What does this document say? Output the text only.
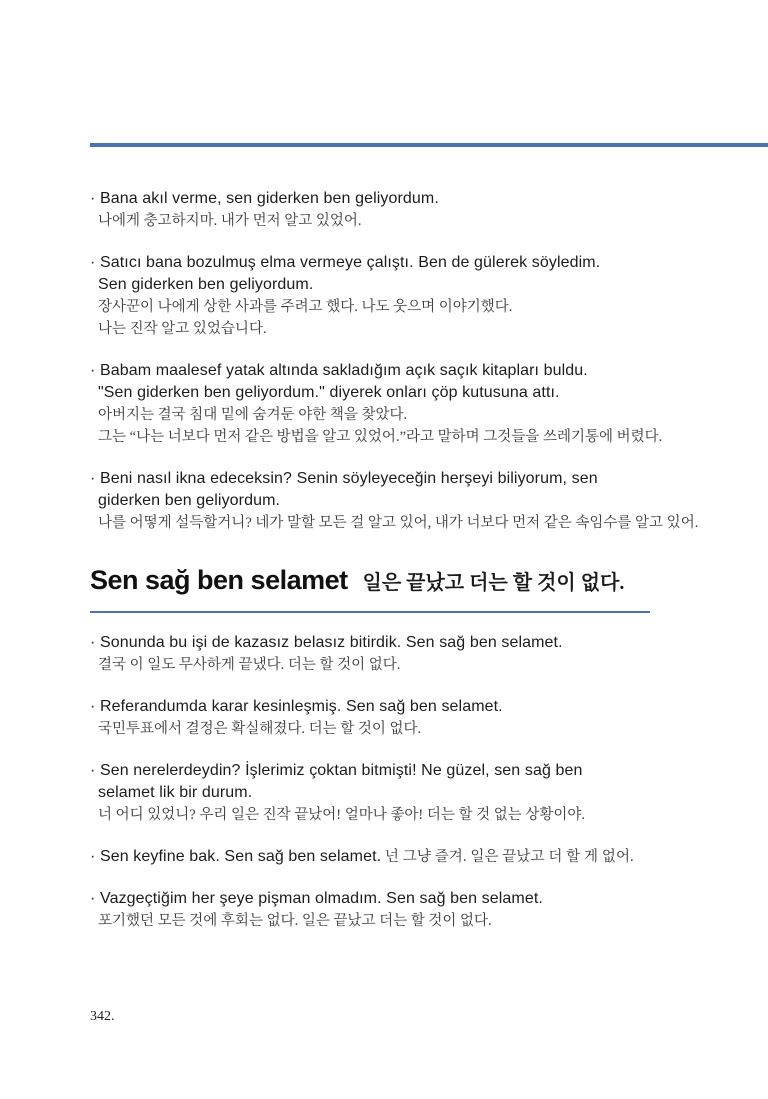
· Bana akıl verme, sen giderken ben geliyordum.
나에게 충고하지마. 내가 먼저 알고 있었어.
· Satıcı bana bozulmuş elma vermeye çalıştı. Ben de gülerek söyledim.
Sen giderken ben geliyordum.
장사꾼이 나에게 상한 사과를 주려고 했다. 나도 웃으며 이야기했다.
나는 진작 알고 있었습니다.
· Babam maalesef yatak altında sakladığım açık saçık kitapları buldu.
"Sen giderken ben geliyordum." diyerek onları çöp kutusuna attı.
아버지는 결국 침대 밑에 숨겨둔 야한 책을 찾았다.
그는 “나는 너보다 먼저 같은 방법을 알고 있었어.”라고 말하며 그것들을 쓰레기통에 버렸다.
· Beni nasıl ikna edeceksin? Senin söyleyeceğin herşeyi biliyorum, sen
giderken ben geliyordum.
나를 어떻게 설득할거니? 네가 말할 모든 걸 알고 있어, 내가 너보다 먼저 같은 속임수를 알고 있어.
Sen sağ ben selamet 일은 끝났고 더는 할 것이 없다.
· Sonunda bu işi de kazasız belasız bitirdik. Sen sağ ben selamet.
결국 이 일도 무사하게 끝냈다. 더는 할 것이 없다.
· Referandumda karar kesinleşmiş. Sen sağ ben selamet.
국민투표에서 결정은 확실해졌다. 더는 할 것이 없다.
· Sen nerelerdeydin? İşlerimiz çoktan bitmişti! Ne güzel, sen sağ ben
selamet lik bir durum.
너 어디 있었니? 우리 일은 진작 끝났어! 얼마나 좋아! 더는 할 것 없는 상황이야.
· Sen keyfine bak. Sen sağ ben selamet. 넌 그냥 즐겨. 일은 끝났고 더 할 게 없어.
· Vazgeçtiğim her şeye pişman olmadım. Sen sağ ben selamet.
포기했던 모든 것에 후회는 없다. 일은 끝났고 더는 할 것이 없다.
342.
